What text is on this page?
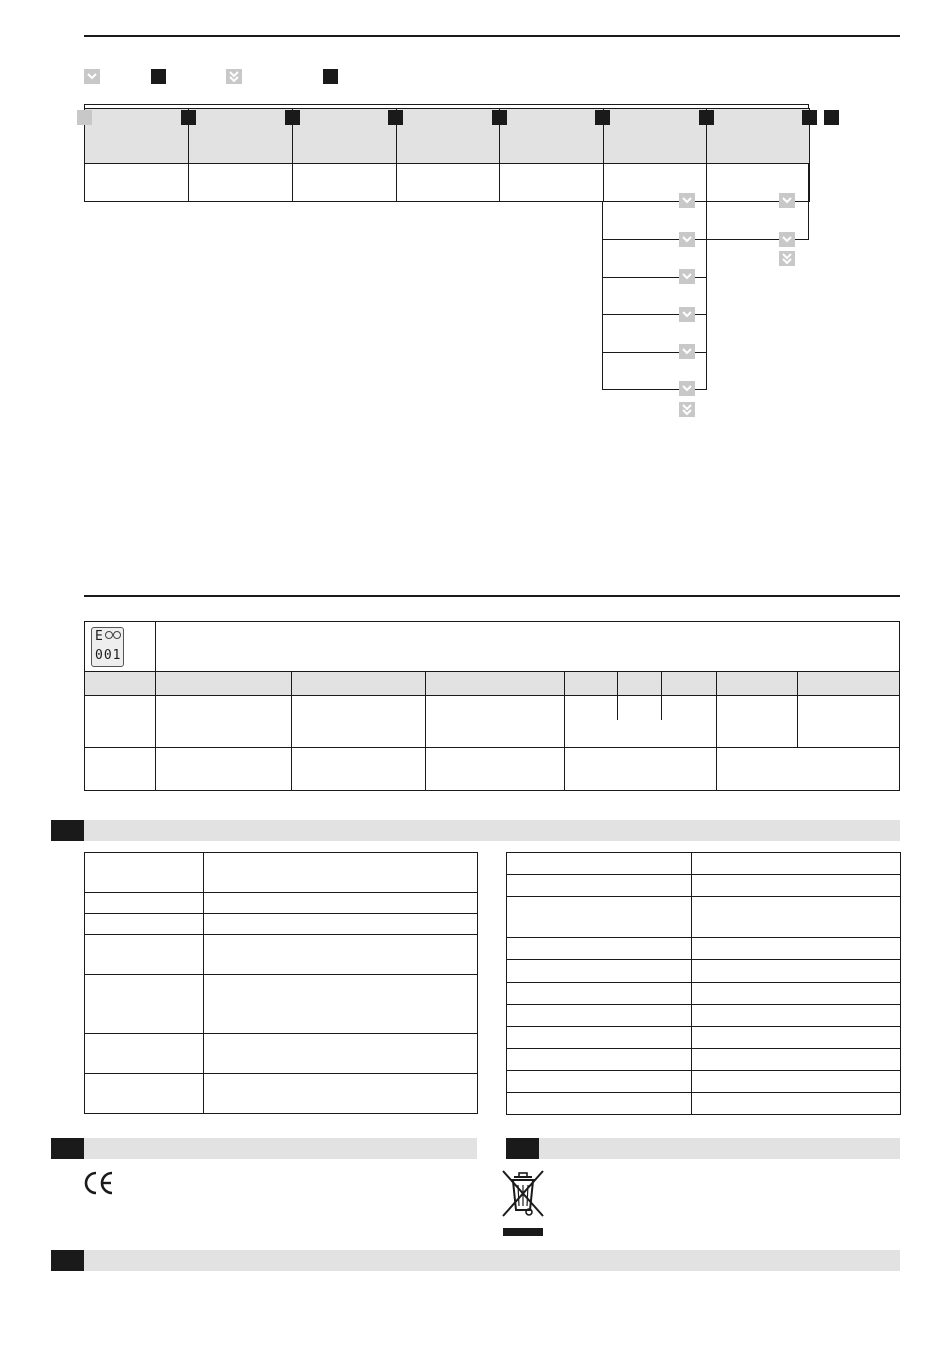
E
001
